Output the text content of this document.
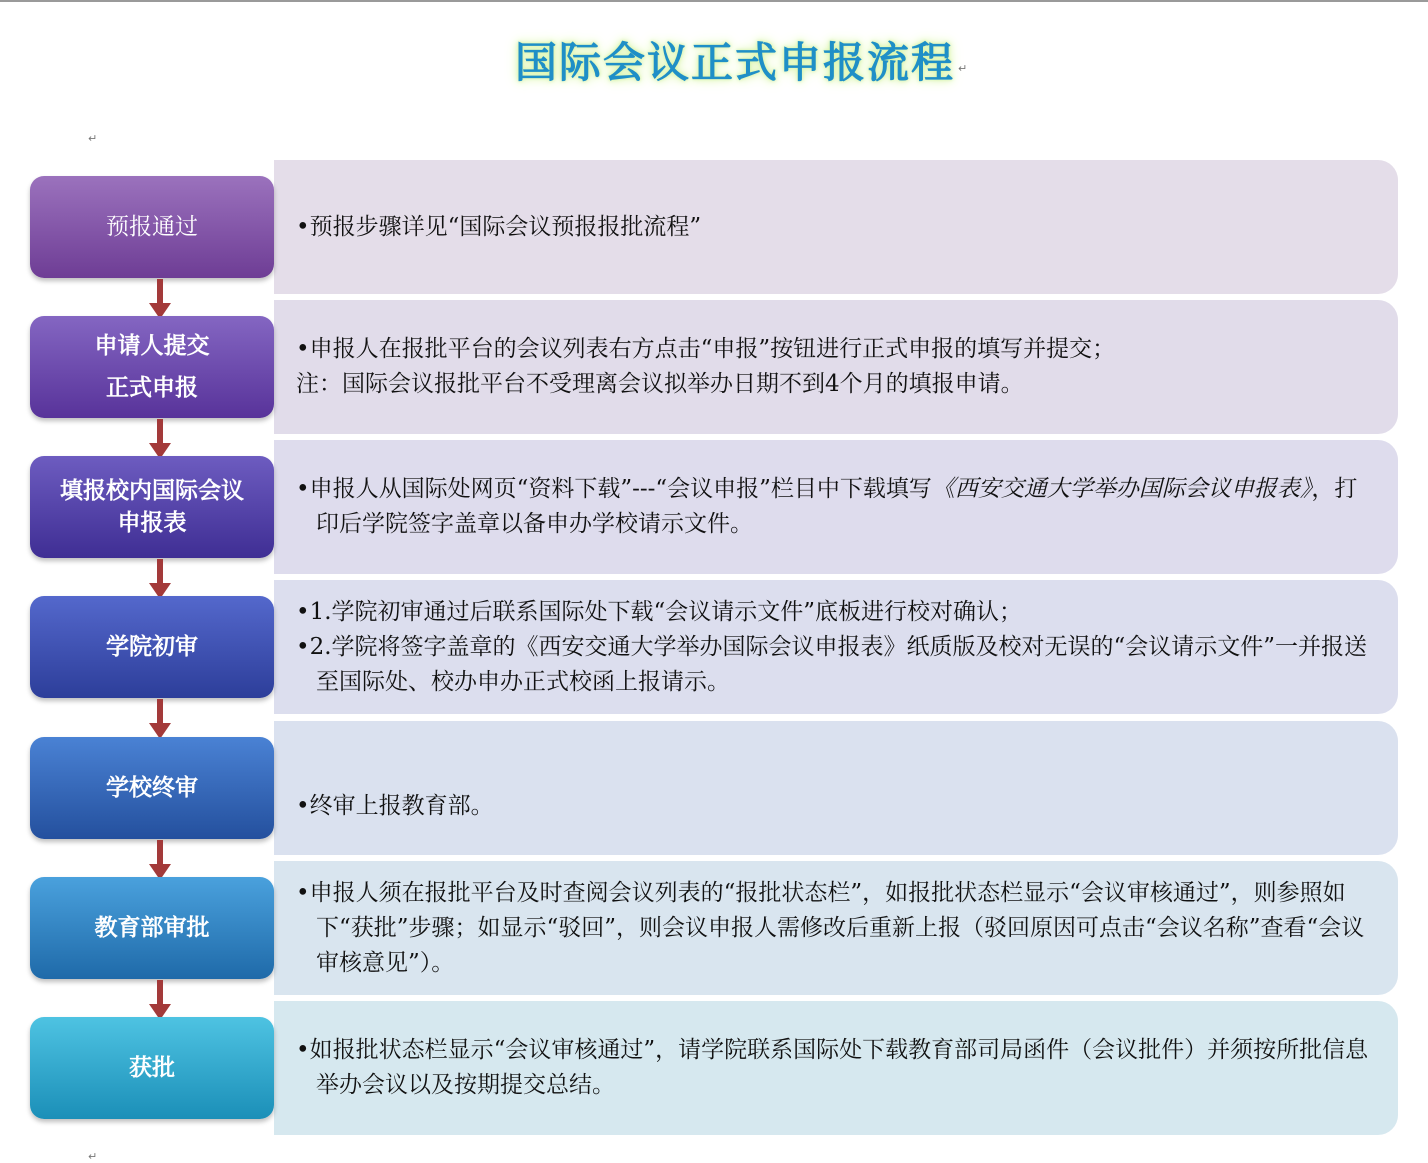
国际会议正式申报流程 ↵
↵
↵

•预报步骤详见“国际会议预报报批流程”

预报通过

•申报人在报批平台的会议列表右方点击“申报”按钮进行正式申报的填写并提交；

注：国际会议报批平台不受理离会议拟举办日期不到4个月的填报申请。

申请人提交
正式申报

•申报人从国际处网页“资料下载”---“会议申报”栏目中下载填写《西安交通大学举办国际会议申报表》，打印后学院签字盖章以备申办学校请示文件。

填报校内国际会议
申报表

•1.学院初审通过后联系国际处下载“会议请示文件”底板进行校对确认；

•2.学院将签字盖章的《西安交通大学举办国际会议申报表》纸质版及校对无误的“会议请示文件”一并报送至国际处、校办申办正式校函上报请示。

学院初审

•终审上报教育部。

学校终审

•申报人须在报批平台及时查阅会议列表的“报批状态栏”，如报批状态栏显示“会议审核通过”，则参照如下“获批”步骤；如显示“驳回”，则会议申报人需修改后重新上报（驳回原因可点击“会议名称”查看“会议审核意见”）。

教育部审批

•如报批状态栏显示“会议审核通过”，请学院联系国际处下载教育部司局函件（会议批件）并须按所批信息举办会议以及按期提交总结。

获批
